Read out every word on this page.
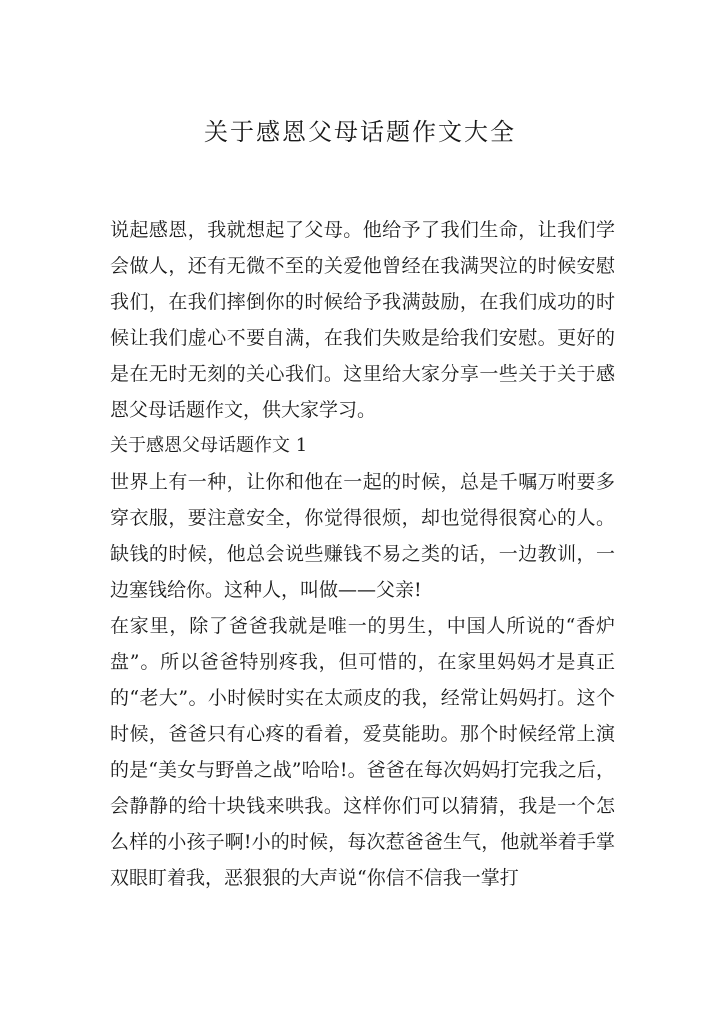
关于感恩父母话题作文大全

说起感恩，我就想起了父母。他给予了我们生命，让我们学会做人，还有无微不至的关爱他曾经在我满哭泣的时候安慰我们，在我们摔倒你的时候给予我满鼓励，在我们成功的时候让我们虚心不要自满，在我们失败是给我们安慰。更好的是在无时无刻的关心我们。这里给大家分享一些关于关于感恩父母话题作文，供大家学习。

关于感恩父母话题作文 1

世界上有一种，让你和他在一起的时候，总是千嘱万咐要多穿衣服，要注意安全，你觉得很烦，却也觉得很窝心的人。缺钱的时候，他总会说些赚钱不易之类的话，一边教训，一边塞钱给你。这种人，叫做——父亲!

在家里，除了爸爸我就是唯一的男生，中国人所说的“香炉盘”。所以爸爸特别疼我，但可惜的，在家里妈妈才是真正的“老大”。小时候时实在太顽皮的我，经常让妈妈打。这个时候，爸爸只有心疼的看着，爱莫能助。那个时候经常上演的是“美女与野兽之战”哈哈!。爸爸在每次妈妈打完我之后，会静静的给十块钱来哄我。这样你们可以猜猜，我是一个怎么样的小孩子啊!小的时候，每次惹爸爸生气，他就举着手掌双眼盯着我，恶狠狠的大声说“你信不信我一掌打
